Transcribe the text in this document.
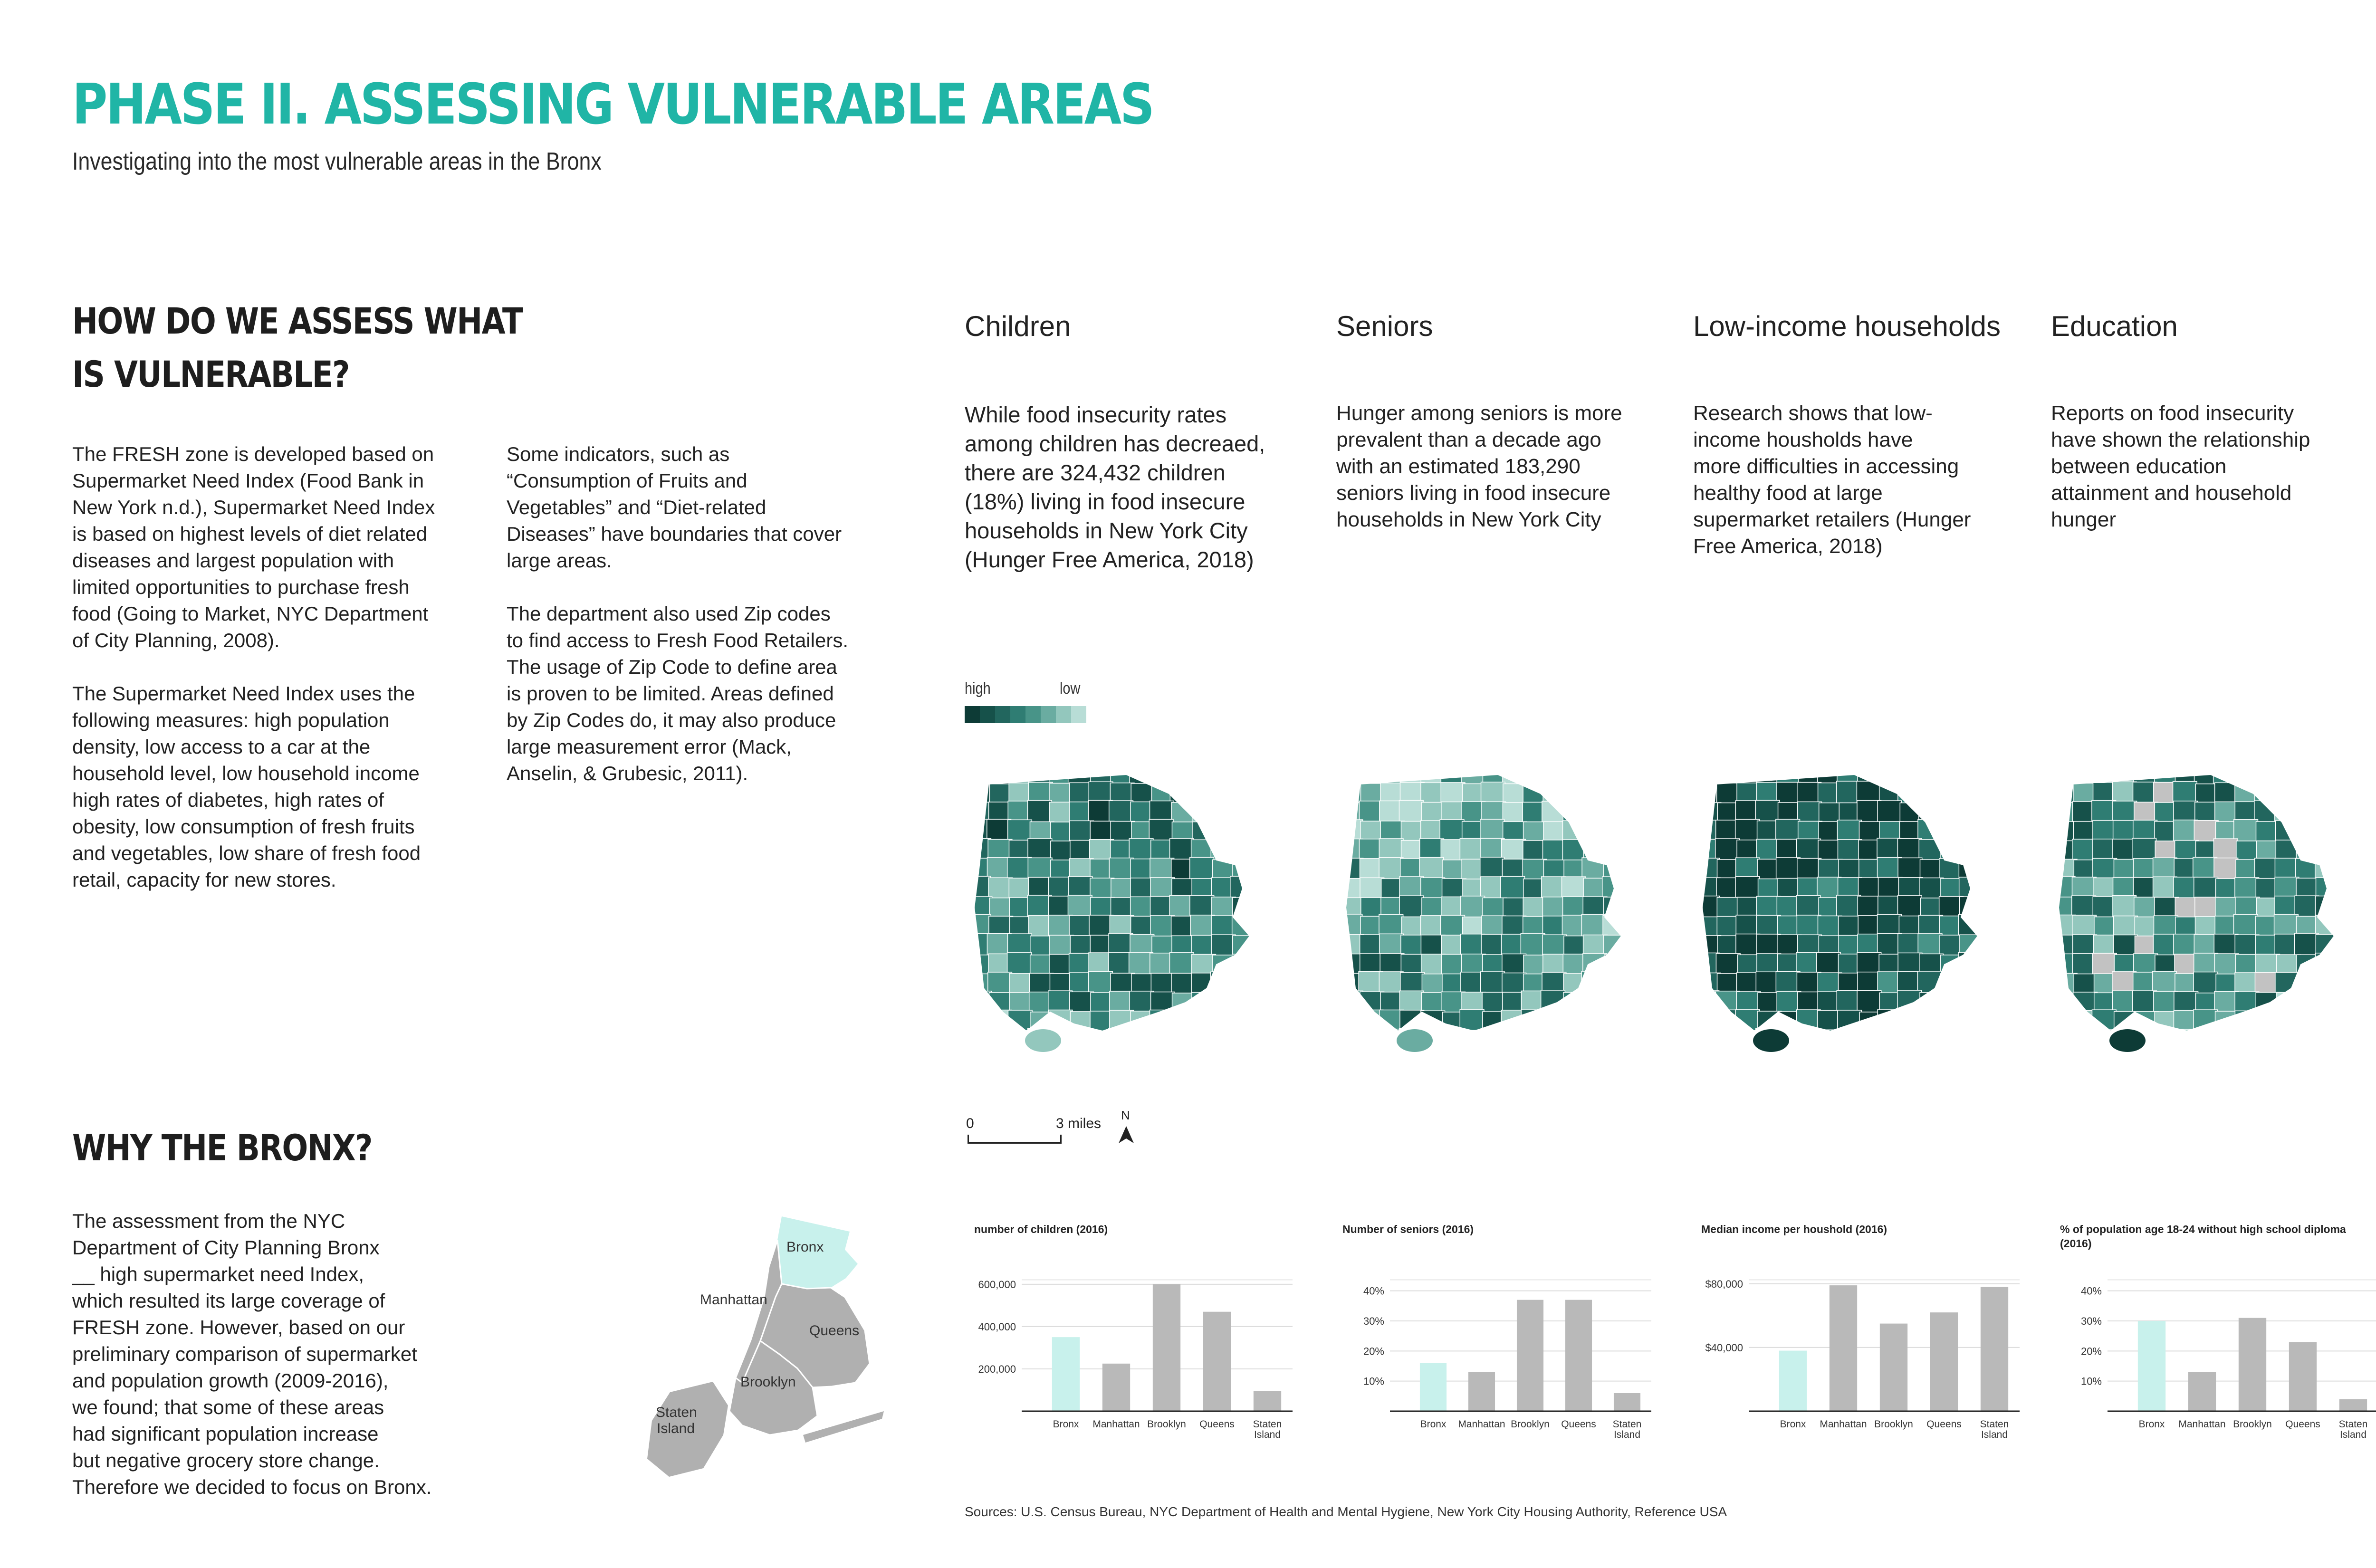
PHASE II. ASSESSING VULNERABLE AREAS
Investigating into the most vulnerable areas in the Bronx
HOW DO WE ASSESS WHAT
IS VULNERABLE?

The FRESH zone is developed based on
Supermarket Need Index (Food Bank in
New York n.d.), Supermarket Need Index
is based on highest levels of diet related
diseases and largest population with
limited opportunities to purchase fresh
food (Going to Market, NYC Department
of City Planning, 2008).

The Supermarket Need Index uses the
following measures: high population
density, low access to a car at the
household level, low household income
high rates of diabetes, high rates of
obesity, low consumption of fresh fruits
and vegetables, low share of fresh food
retail, capacity for new stores.

Some indicators, such as
“Consumption of Fruits and
Vegetables” and “Diet-related
Diseases” have boundaries that cover
large areas.

The department also used Zip codes
to find access to Fresh Food Retailers.
The usage of Zip Code to define area
is proven to be limited. Areas defined
by Zip Codes do, it may also produce
large measurement error (Mack,
Anselin, & Grubesic, 2011).

WHY THE BRONX?

The assessment from the NYC
Department of City Planning Bronx
__ high supermarket need Index,
which resulted its large coverage of
FRESH zone. However, based on our
preliminary comparison of supermarket
and population growth (2009-2016),
we found; that some of these areas
had significant population increase
but negative grocery store change.
Therefore we decided to focus on Bronx.

Bronx
Manhattan
Queens
Brooklyn
Staten
Island
Children	Seniors	Low-income households Education
While food insecurity rates
among children has decreaed,
there are 324,432 children
(18%) living in food insecure
households in New York City
(Hunger Free America, 2018)
Hunger among seniors is more
prevalent than a decade ago
with an estimated 183,290
seniors living in food insecure
households in New York City
Research shows that low-
income housholds have
more difficulties in accessing
healthy food at large
supermarket retailers (Hunger
Free America, 2018)
Reports on food insecurity
have shown the relationship
between education
attainment and household
hunger
high	low
0	3 miles
N
number of children (2016)
200,000
400,000
600,000
Bronx Manhattan Brooklyn Queens Staten
Island
Number of seniors (2016)
10%
20%
30%
40%
Bronx Manhattan Brooklyn Queens Staten
Island
Median income per houshold (2016)
$40,000
$80,000
Bronx Manhattan Brooklyn Queens Staten
Island
% of population age 18-24 without high school diploma
(2016)
10%
20%
30%
40%
Bronx Manhattan Brooklyn Queens Staten
Island
Sources: U.S. Census Bureau, NYC Department of Health and Mental Hygiene, New York City Housing Authority, Reference USA
